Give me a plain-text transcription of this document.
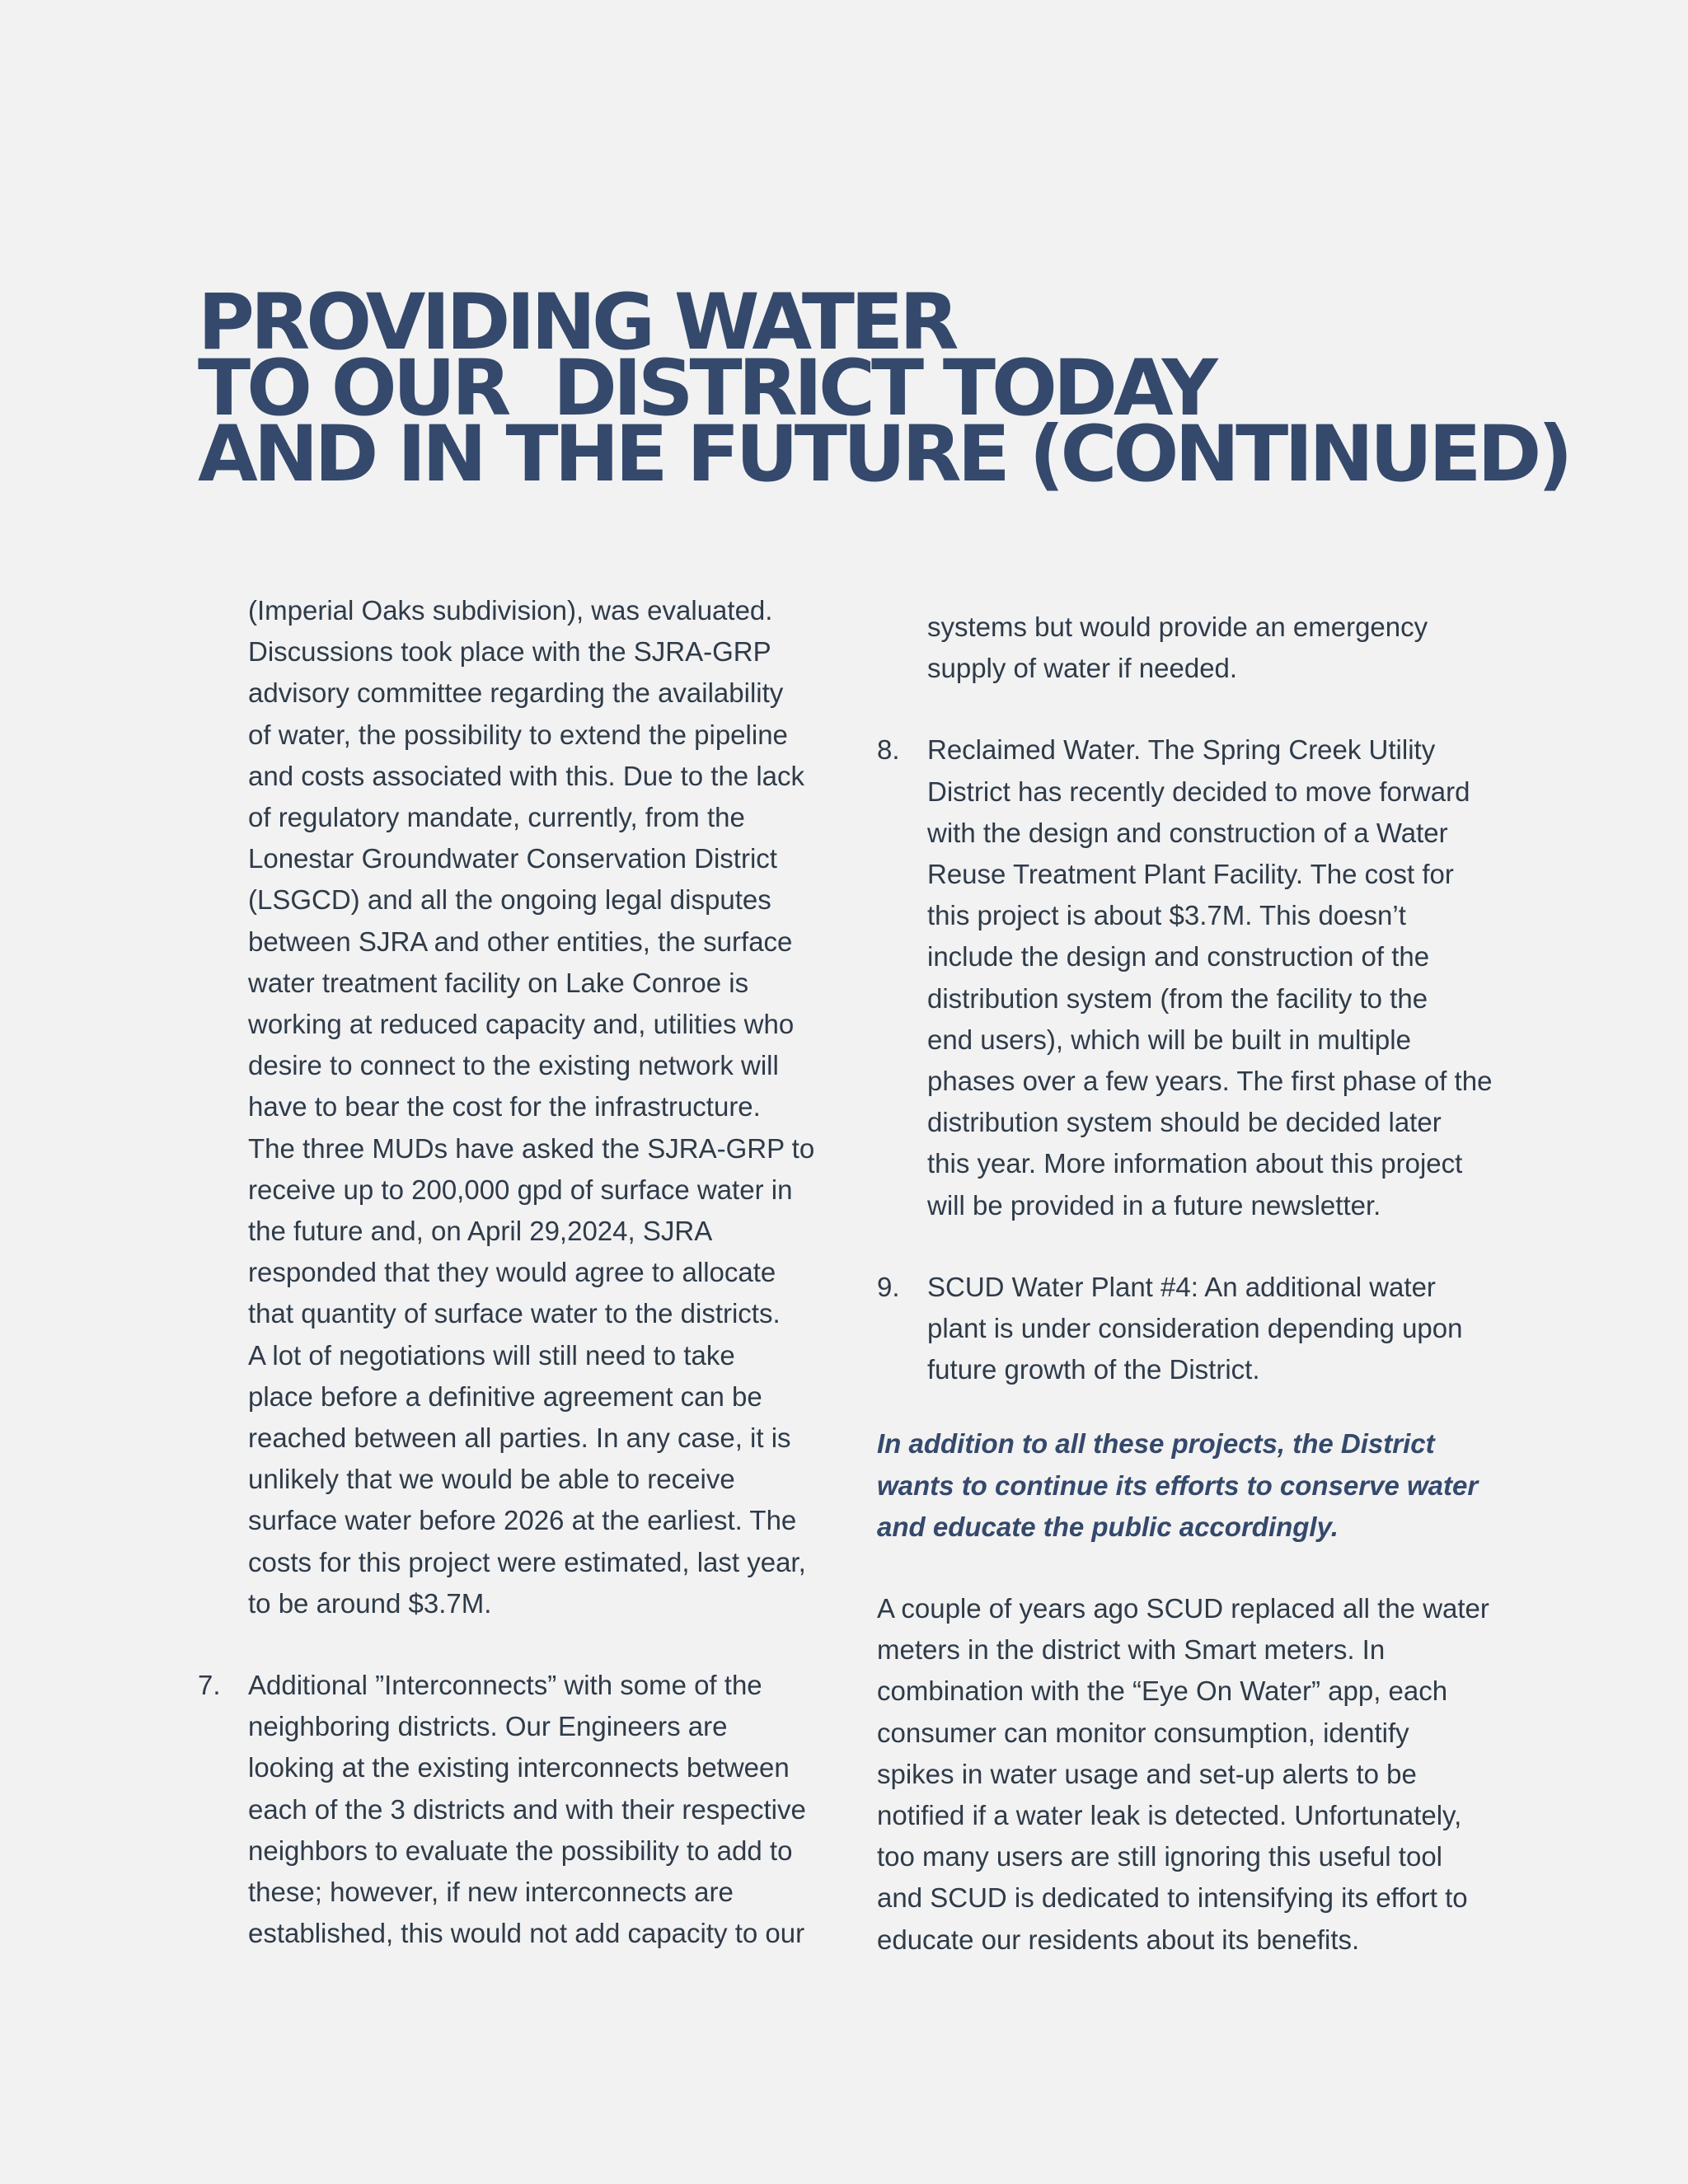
PROVIDING WATER
TO OUR  DISTRICT TODAY
AND IN THE FUTURE (CONTINUED)
(Imperial Oaks subdivision), was evaluated.
Discussions took place with the SJRA-GRP
advisory committee regarding the availability
of water, the possibility to extend the pipeline
and costs associated with this. Due to the lack
of regulatory mandate, currently, from the
Lonestar Groundwater Conservation District
(LSGCD) and all the ongoing legal disputes
between SJRA and other entities, the surface
water treatment facility on Lake Conroe is
working at reduced capacity and, utilities who
desire to connect to the existing network will
have to bear the cost for the infrastructure.
The three MUDs have asked the SJRA-GRP to
receive up to 200,000 gpd of surface water in
the future and, on April 29,2024, SJRA
responded that they would agree to allocate
that quantity of surface water to the districts.
A lot of negotiations will still need to take
place before a definitive agreement can be
reached between all parties. In any case, it is
unlikely that we would be able to receive
surface water before 2026 at the earliest. The
costs for this project were estimated, last year,
to be around $3.7M.
7. Additional ”Interconnects” with some of the
neighboring districts. Our Engineers are
looking at the existing interconnects between
each of the 3 districts and with their respective
neighbors to evaluate the possibility to add to
these; however, if new interconnects are
established, this would not add capacity to our
systems but would provide an emergency
supply of water if needed.
8. Reclaimed Water. The Spring Creek Utility
District has recently decided to move forward
with the design and construction of a Water
Reuse Treatment Plant Facility. The cost for
this project is about $3.7M. This doesn’t
include the design and construction of the
distribution system (from the facility to the
end users), which will be built in multiple
phases over a few years. The first phase of the
distribution system should be decided later
this year. More information about this project
will be provided in a future newsletter.
9. SCUD Water Plant #4: An additional water
plant is under consideration depending upon
future growth of the District.
In addition to all these projects, the District
wants to continue its efforts to conserve water
and educate the public accordingly.
A couple of years ago SCUD replaced all the water
meters in the district with Smart meters. In
combination with the “Eye On Water” app, each
consumer can monitor consumption, identify
spikes in water usage and set-up alerts to be
notified if a water leak is detected. Unfortunately,
too many users are still ignoring this useful tool
and SCUD is dedicated to intensifying its effort to
educate our residents about its benefits.
